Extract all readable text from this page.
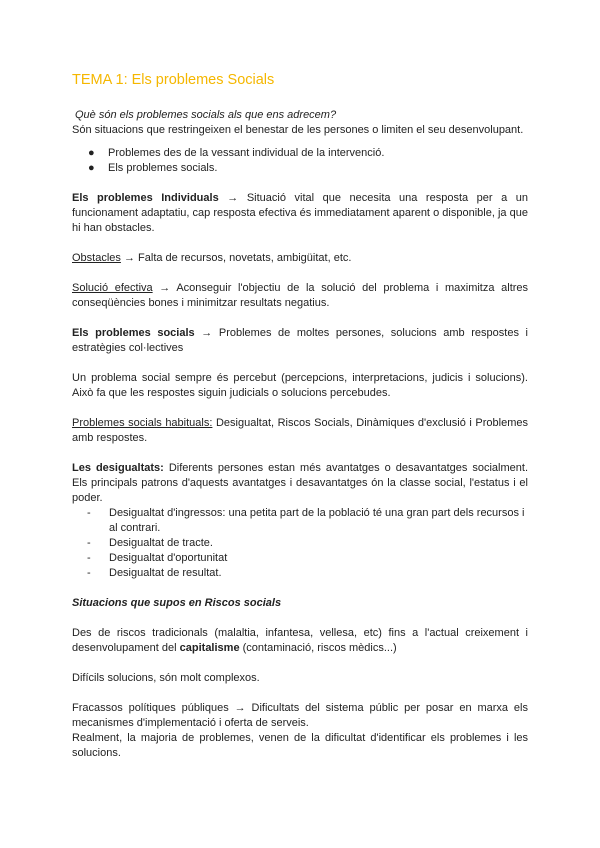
TEMA 1: Els problemes Socials

Què són els problemes socials als que ens adrecem?

Són situacions que restringeixen el benestar de les persones o limiten el seu desenvolupant.

● Problemes des de la vessant individual de la intervenció.
● Els problemes socials.

Els problemes Individuals → Situació vital que necesita una resposta per a un funcionament adaptatiu, cap resposta efectiva és immediatament aparent o disponible, ja que hi han obstacles.

Obstacles → Falta de recursos, novetats, ambigüitat, etc.

Solució efectiva → Aconseguir l'objectiu de la solució del problema i maximitza altres conseqüències bones i minimitzar resultats negatius.

Els problemes socials → Problemes de moltes persones, solucions amb respostes i estratègies col·lectives

Un problema social sempre és percebut (percepcions, interpretacions, judicis i solucions). Això fa que les respostes siguin judicials o solucions percebudes.

Problemes socials habituals: Desigualtat, Riscos Socials, Dinàmiques d'exclusió i Problemes amb respostes.

Les desigualtats: Diferents persones estan més avantatges o desavantatges socialment. Els principals patrons d'aquests avantatges i desavantatges ón la classe social, l'estatus i el poder.

- Desigualtat d'ingressos: una petita part de la població té una gran part dels recursos i al contrari.
- Desigualtat de tracte.
- Desigualtat d'oportunitat
- Desigualtat de resultat.

Situacions que supos en Riscos socials

Des de riscos tradicionals (malaltia, infantesa, vellesa, etc) fins a l'actual creixement i desenvolupament del capitalisme (contaminació, riscos mèdics...)

Difícils solucions, són molt complexos.

Fracassos polítiques públiques → Dificultats del sistema públic per posar en marxa els mecanismes d'implementació i oferta de serveis.

Realment, la majoria de problemes, venen de la dificultat d'identificar els problemes i les solucions.
